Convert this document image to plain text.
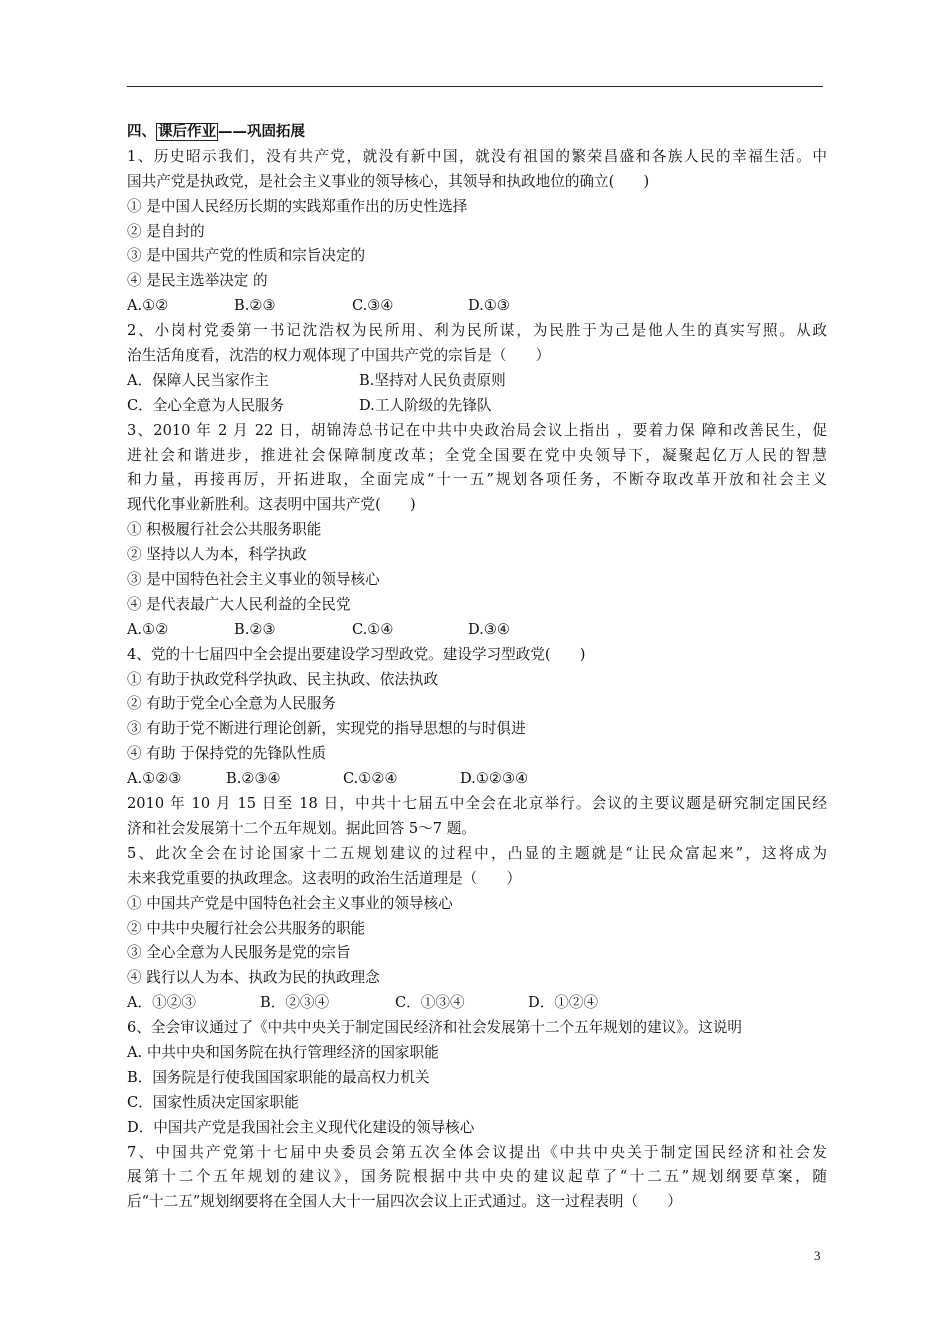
四、 课后作业 ——巩固拓展
1、历史昭示我们，没有共产党，就没有新中国，就没有祖国的繁荣昌盛和各族人民的幸福生活。中
国共产党是执政党，是社会主义事业的领导核心，其领导和执政地位的确立(　　)
① 是中国人民经历长期的实践郑重作出的历史性选择
② 是自封的
③ 是中国共产党的性质和宗旨决定的
④ 是民主选举决定 的
A.①②	B.②③	C.③④	D.①③
2、小岗村党委第一书记沈浩权为民所用、利为民所谋，为民胜于为己是他人生的真实写照。从政
治生活角度看，沈浩的权力观体现了中国共产党的宗旨是（　　）
A．保障人民当家作主	B.坚持对人民负责原则
C．全心全意为人民服务	D.工人阶级的先锋队
3、2010 年 2 月 22 日，胡锦涛总书记在中共中央政治局会议上指出 ，要着力保 障和改善民生，促
进社会和谐进步，推进社会保障制度改革；全党全国要在党中央领导下，凝聚起亿万人民的智慧
和力量，再接再厉，开拓进取，全面完成“十一五”规划各项任务，不断夺取改革开放和社会主义
现代化事业新胜利。这表明中国共产党(　　)
① 积极履行社会公共服务职能
② 坚持以人为本，科学执政
③ 是中国特色社会主义事业的领导核心
④ 是代表最广大人民利益的全民党
A.①②	B.②③	C.①④	D.③④
4、党的十七届四中全会提出要建设学习型政党。建设学习型政党(　　)
① 有助于执政党科学执政、民主执政、依法执政
② 有助于党全心全意为人民服务
③ 有助于党不断进行理论创新，实现党的指导思想的与时俱进
④ 有助 于保持党的先锋队性质
A.①②③	B.②③④	C.①②④	D.①②③④
2010 年 10 月 15 日至 18 日，中共十七届五中全会在北京举行。会议的主要议题是研究制定国民经
济和社会发展第十二个五年规划。据此回答 5～7 题。
5、此次全会在讨论国家十二五规划建议的过程中，凸显的主题就是“让民众富起来”，这将成为
未来我党重要的执政理念。这表明的政治生活道理是（　　）
① 中国共产党是中国特色社会主义事业的领导核心
② 中共中央履行社会公共服务的职能
③ 全心全意为人民服务是党的宗旨
④ 践行以人为本、执政为民的执政理念
A．①②③	B．②③④	C．①③④	D．①②④
6、全会审议通过了《中共中央关于制定国民经济和社会发展第十二个五年规划的建议》。这说明
A. 中共中央和国务院在执行管理经济的国家职能
B．国务院是行使我国国家职能的最高权力机关
C．国家性质决定国家职能
D．中国共产党是我国社会主义现代化建设的领导核心
7、中国共产党第十七届中央委员会第五次全体会议提出《中共中央关于制定国民经济和社会发
展第十二个五年规划的建议》，国务院根据中共中央的建议起草了“十二五”规划纲要草案，随
后“十二五”规划纲要将在全国人大十一届四次会议上正式通过。这一过程表明（　　）
3
